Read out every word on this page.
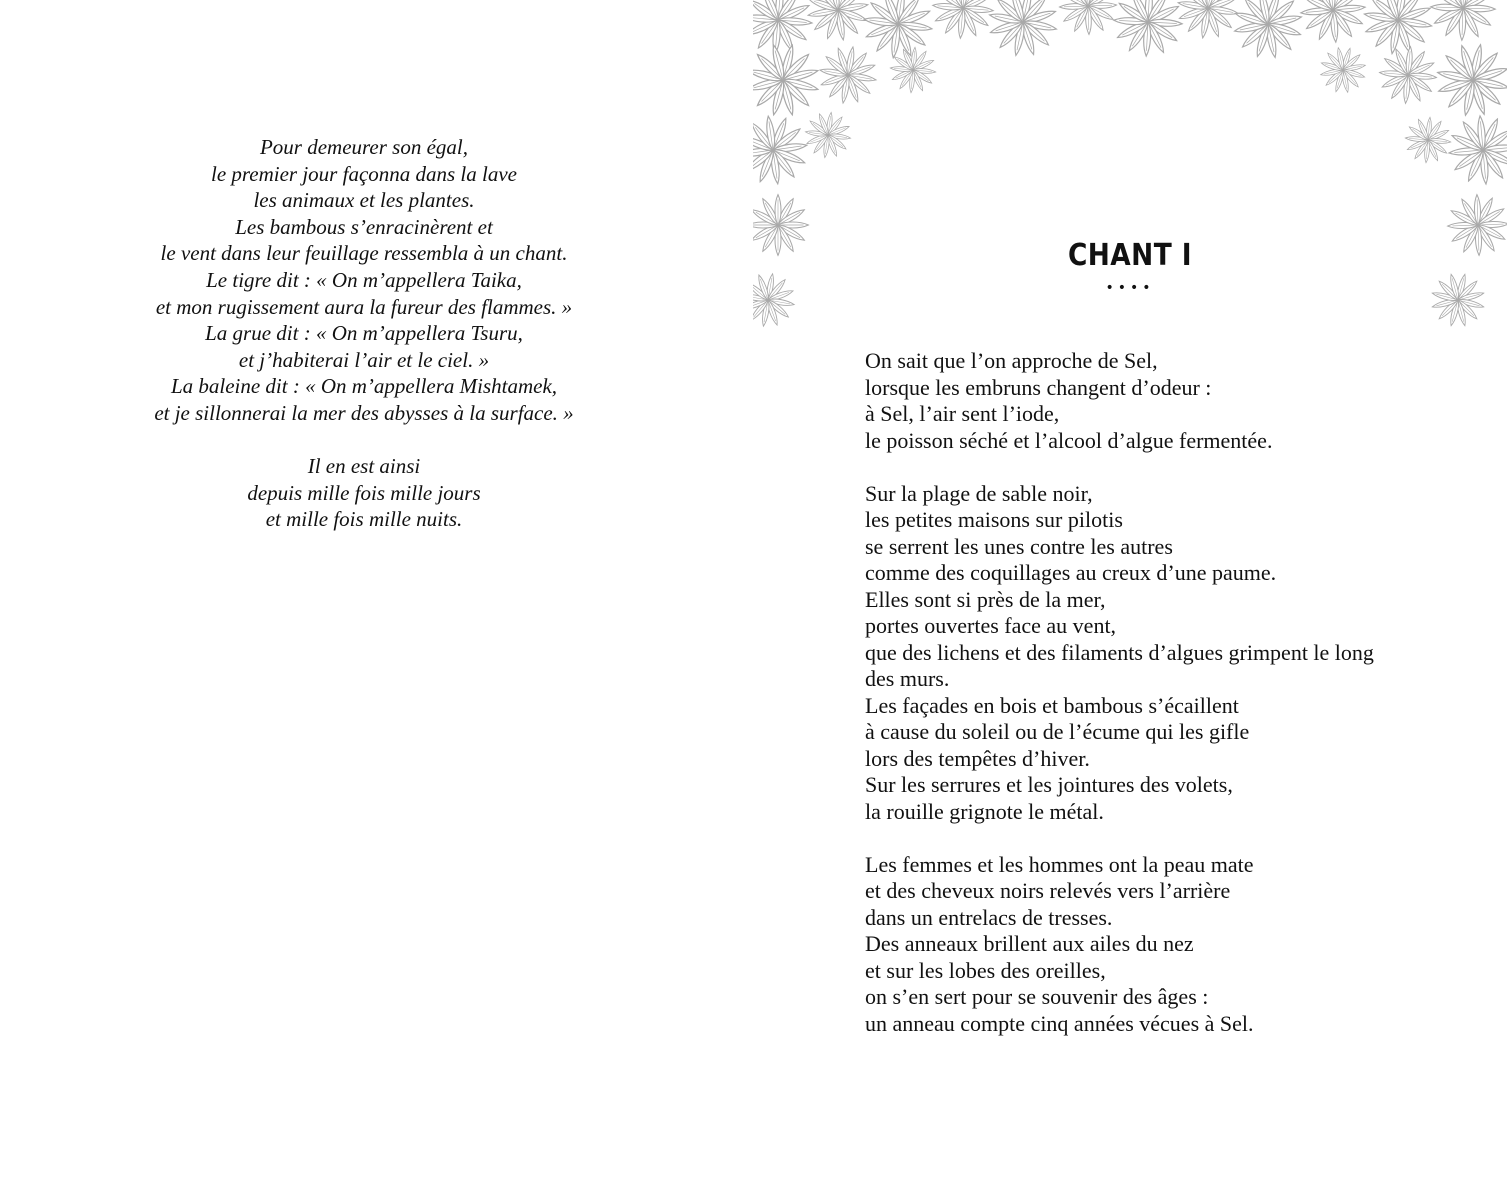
Pour demeurer son égal,
le premier jour façonna dans la lave
les animaux et les plantes.
Les bambous s’enracinèrent et
le vent dans leur feuillage ressembla à un chant.
Le tigre dit : « On m’appellera Taika,
et mon rugissement aura la fureur des flammes. »
La grue dit : « On m’appellera Tsuru,
et j’habiterai l’air et le ciel. »
La baleine dit : « On m’appellera Mishtamek,
et je sillonnerai la mer des abysses à la surface. »
Il en est ainsi
depuis mille fois mille jours
et mille fois mille nuits.
CHANT I
••••
On sait que l’on approche de Sel,
lorsque les embruns changent d’odeur :
à Sel, l’air sent l’iode,
le poisson séché et l’alcool d’algue fermentée.
Sur la plage de sable noir,
les petites maisons sur pilotis
se serrent les unes contre les autres
comme des coquillages au creux d’une paume.
Elles sont si près de la mer,
portes ouvertes face au vent,
que des lichens et des filaments d’algues grimpent le long
des murs.
Les façades en bois et bambous s’écaillent
à cause du soleil ou de l’écume qui les gifle
lors des tempêtes d’hiver.
Sur les serrures et les jointures des volets,
la rouille grignote le métal.
Les femmes et les hommes ont la peau mate
et des cheveux noirs relevés vers l’arrière
dans un entrelacs de tresses.
Des anneaux brillent aux ailes du nez
et sur les lobes des oreilles,
on s’en sert pour se souvenir des âges :
un anneau compte cinq années vécues à Sel.
